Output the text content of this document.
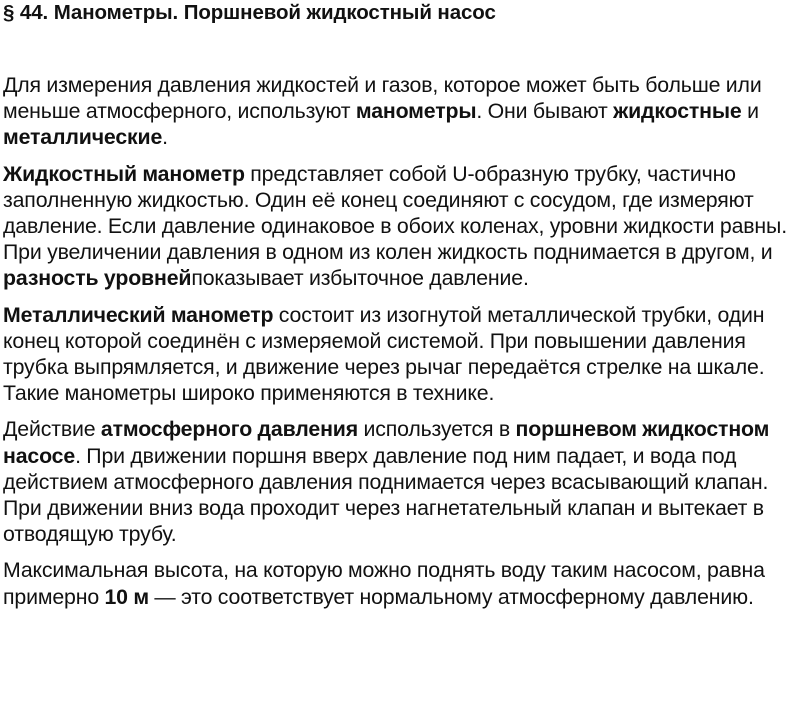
§ 44. Манометры. Поршневой жидкостный насос

Для измерения давления жидкостей и газов, которое может быть больше или меньше атмосферного, используют манометры. Они бывают жидкостные и металлические.

Жидкостный манометр представляет собой U-образную трубку, частично заполненную жидкостью. Один её конец соединяют с сосудом, где измеряют давление. Если давление одинаковое в обоих коленах, уровни жидкости равны. При увеличении давления в одном из колен жидкость поднимается в другом, и разность уровнейпоказывает избыточное давление.

Металлический манометр состоит из изогнутой металлической трубки, один конец которой соединён с измеряемой системой. При повышении давления трубка выпрямляется, и движение через рычаг передаётся стрелке на шкале. Такие манометры широко применяются в технике.

Действие атмосферного давления используется в поршневом жидкостном насосе. При движении поршня вверх давление под ним падает, и вода под действием атмосферного давления поднимается через всасывающий клапан. При движении вниз вода проходит через нагнетательный клапан и вытекает в отводящую трубу.

Максимальная высота, на которую можно поднять воду таким насосом, равна примерно 10 м — это соответствует нормальному атмосферному давлению.
